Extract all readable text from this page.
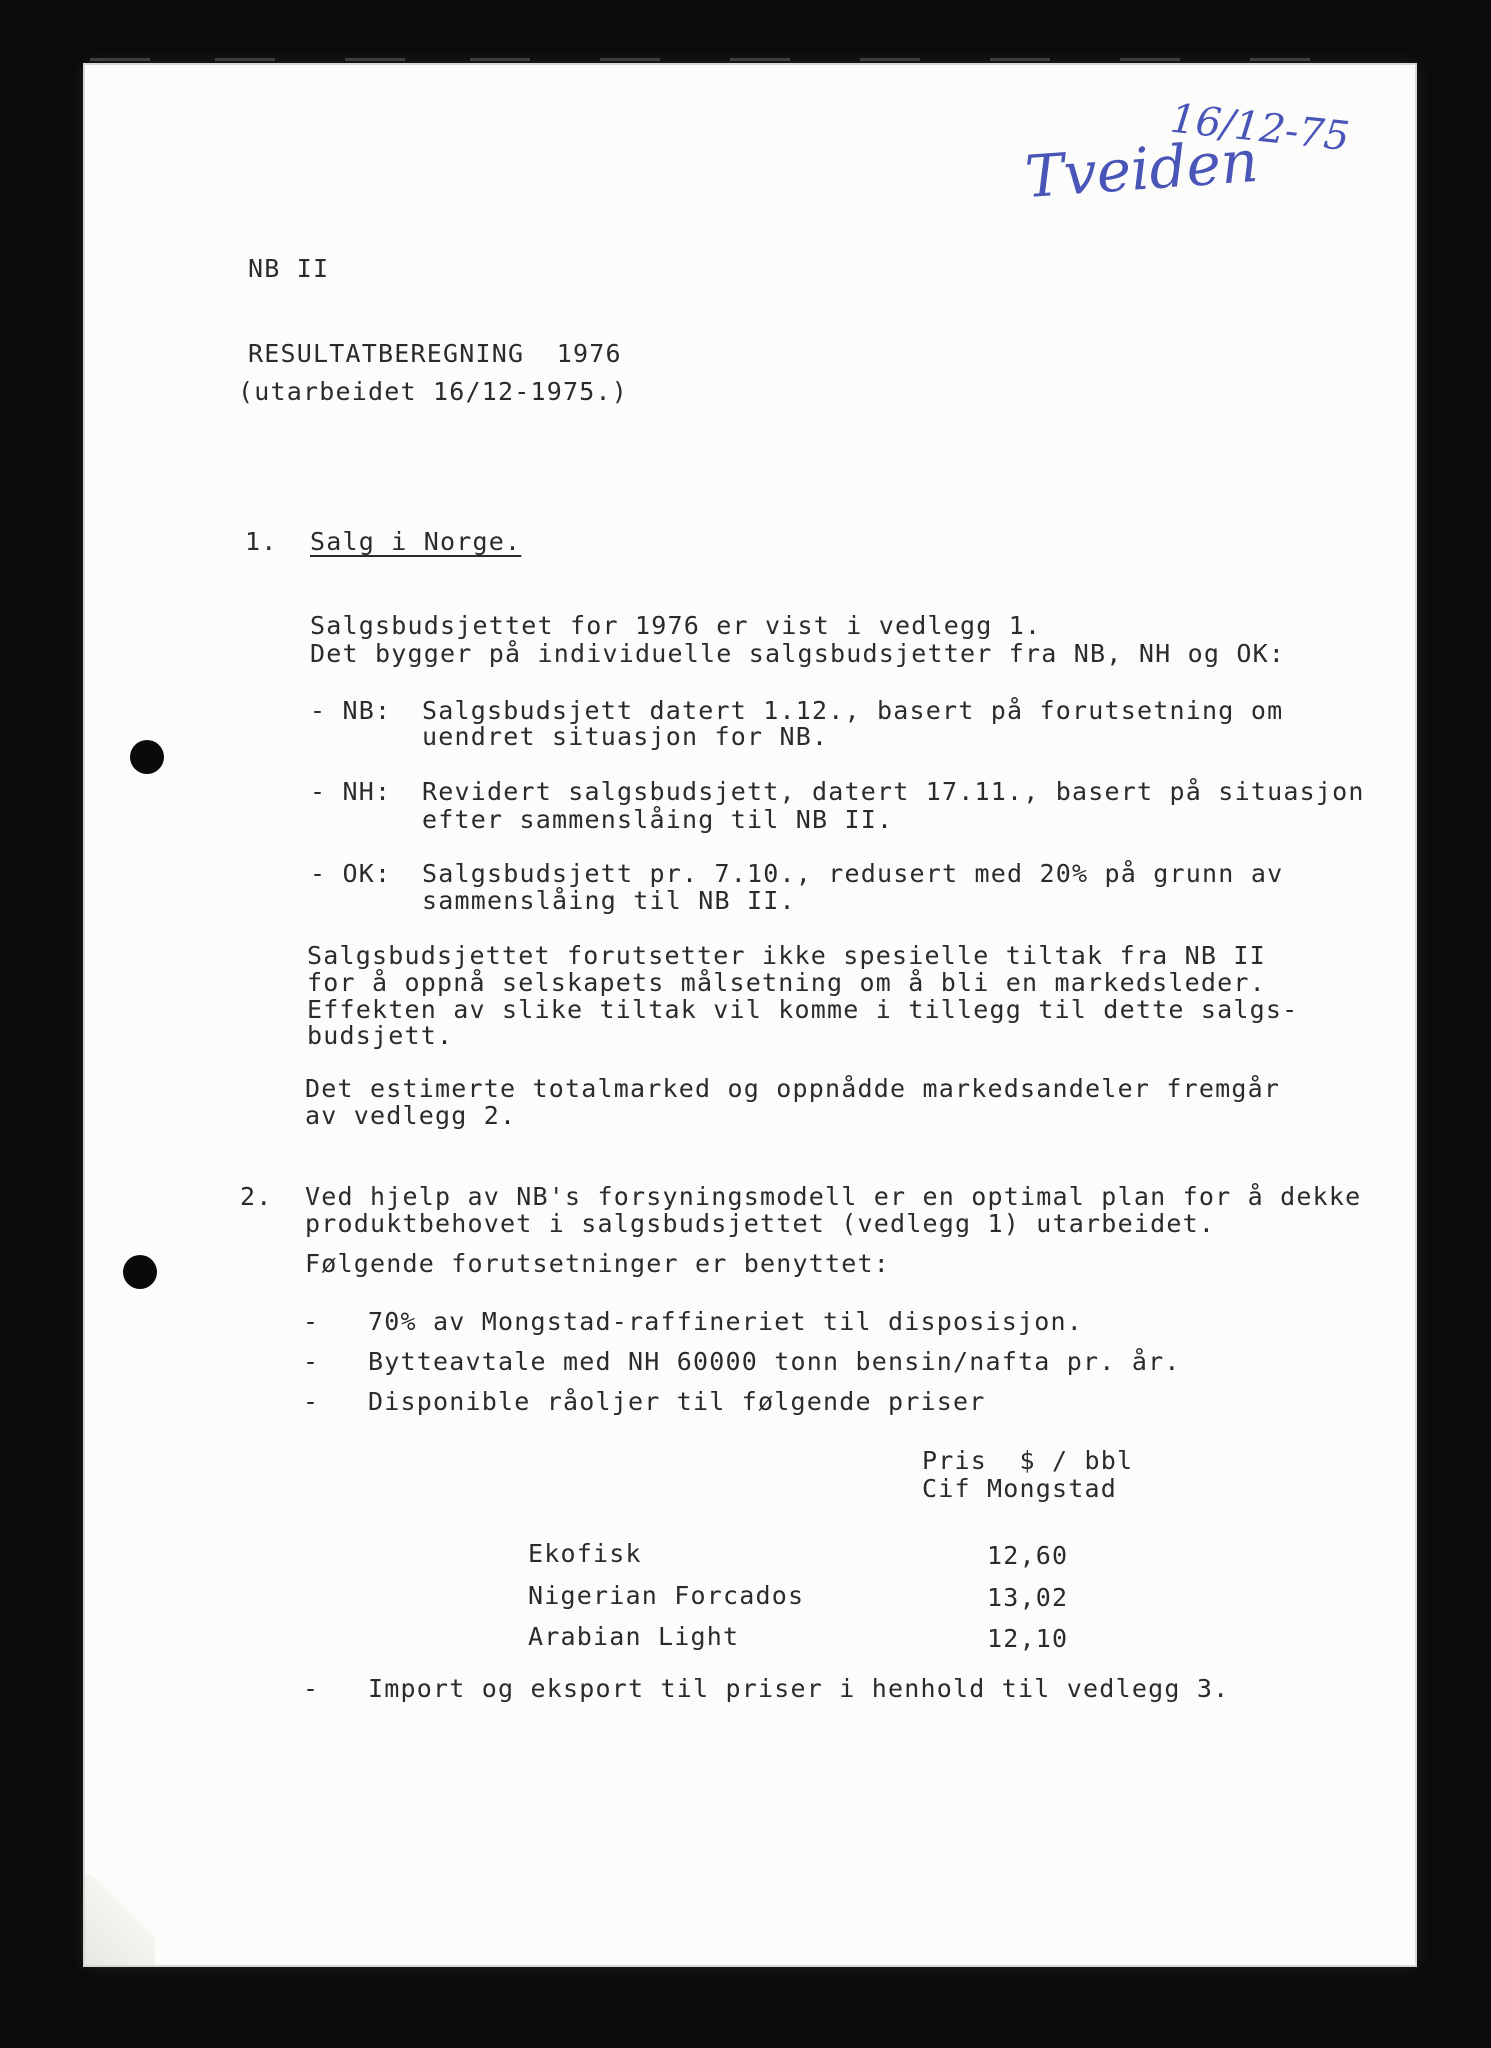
16/12-75
Tveiden
NB II
RESULTATBEREGNING  1976
(utarbeidet 16/12-1975.)
1. Salg i Norge.
Salgsbudsjettet for 1976 er vist i vedlegg 1.
Det bygger på individuelle salgsbudsjetter fra NB, NH og OK:
- NB: Salgsbudsjett datert 1.12., basert på forutsetning om
uendret situasjon for NB.
- NH: Revidert salgsbudsjett, datert 17.11., basert på situasjon
efter sammenslåing til NB II.
- OK: Salgsbudsjett pr. 7.10., redusert med 20% på grunn av
sammenslåing til NB II.
Salgsbudsjettet forutsetter ikke spesielle tiltak fra NB II
for å oppnå selskapets målsetning om å bli en markedsleder.
Effekten av slike tiltak vil komme i tillegg til dette salgs-
budsjett.
Det estimerte totalmarked og oppnådde markedsandeler fremgår
av vedlegg 2.
2. Ved hjelp av NB's forsyningsmodell er en optimal plan for å dekke
produktbehovet i salgsbudsjettet (vedlegg 1) utarbeidet.
Følgende forutsetninger er benyttet:
-   70% av Mongstad-raffineriet til disposisjon.
-   Bytteavtale med NH 60000 tonn bensin/nafta pr. år.
-   Disponible råoljer til følgende priser
Pris  $ / bbl
Cif Mongstad
Ekofisk	12,60
Nigerian Forcados	13,02
Arabian Light	12,10
-   Import og eksport til priser i henhold til vedlegg 3.
